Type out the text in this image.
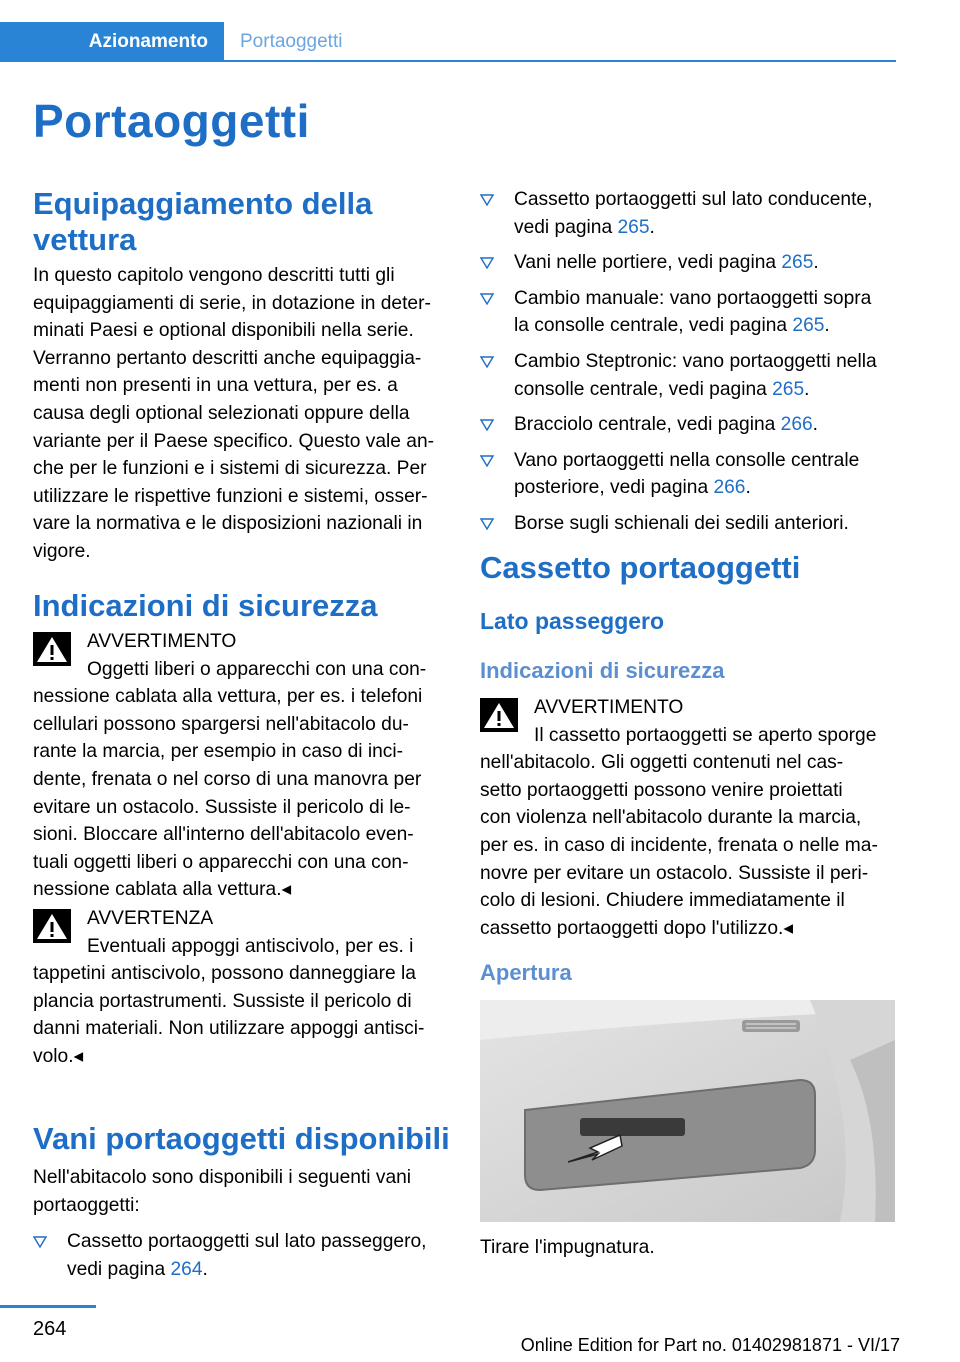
Azionamento	Portaoggetti
Portaoggetti
Equipaggiamento della vettura
In questo capitolo vengono descritti tutti gli
equipaggiamenti di serie, in dotazione in deter-
minati Paesi e optional disponibili nella serie.
Verranno pertanto descritti anche equipaggia-
menti non presenti in una vettura, per es. a
causa degli optional selezionati oppure della
variante per il Paese specifico. Questo vale an-
che per le funzioni e i sistemi di sicurezza. Per
utilizzare le rispettive funzioni e sistemi, osser-
vare la normativa e le disposizioni nazionali in
vigore.
Indicazioni di sicurezza
AVVERTIMENTO
Oggetti liberi o apparecchi con una con-
nessione cablata alla vettura, per es. i telefoni
cellulari possono spargersi nell'abitacolo du-
rante la marcia, per esempio in caso di inci-
dente, frenata o nel corso di una manovra per
evitare un ostacolo. Sussiste il pericolo di le-
sioni. Bloccare all'interno dell'abitacolo even-
tuali oggetti liberi o apparecchi con una con-
nessione cablata alla vettura.◂
AVVERTENZA
Eventuali appoggi antiscivolo, per es. i
tappetini antiscivolo, possono danneggiare la
plancia portastrumenti. Sussiste il pericolo di
danni materiali. Non utilizzare appoggi antisci-
volo.◂
Vani portaoggetti disponibili
Nell'abitacolo sono disponibili i seguenti vani
portaoggetti:
Cassetto portaoggetti sul lato passeggero,
vedi pagina 264.
Cassetto portaoggetti sul lato conducente,
vedi pagina 265.
Vani nelle portiere, vedi pagina 265.
Cambio manuale: vano portaoggetti sopra
la consolle centrale, vedi pagina 265.
Cambio Steptronic: vano portaoggetti nella
consolle centrale, vedi pagina 265.
Bracciolo centrale, vedi pagina 266.
Vano portaoggetti nella consolle centrale
posteriore, vedi pagina 266.
Borse sugli schienali dei sedili anteriori.
Cassetto portaoggetti
Lato passeggero
Indicazioni di sicurezza
AVVERTIMENTO
Il cassetto portaoggetti se aperto sporge
nell'abitacolo. Gli oggetti contenuti nel cas-
setto portaoggetti possono venire proiettati
con violenza nell'abitacolo durante la marcia,
per es. in caso di incidente, frenata o nelle ma-
novre per evitare un ostacolo. Sussiste il peri-
colo di lesioni. Chiudere immediatamente il
cassetto portaoggetti dopo l'utilizzo.◂
Apertura
Tirare l'impugnatura.
264
Online Edition for Part no. 01402981871 - VI/17
